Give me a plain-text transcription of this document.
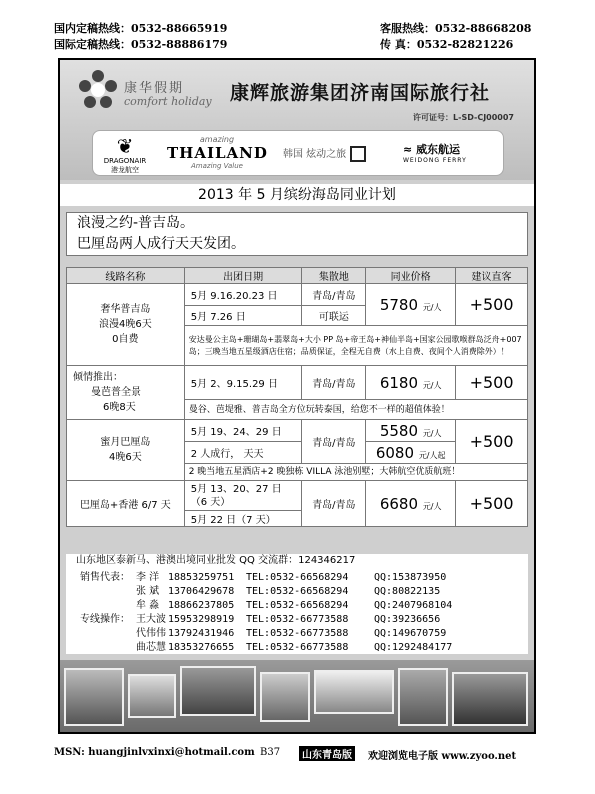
国内定稿热线：0532-88665919
国际定稿热线：0532-88886179
客服热线：0532-88668208
传 真：0532-82821226
康华假期
comfort holiday 康辉旅游集团济南国际旅行社
许可证号：L-SD-CJ00007
❦
DRAGONAIR
港龙航空
amazing
THAILAND
Amazing Value
韩国 炫动之旅	≈ 威东航运
WEIDONG FERRY
2013 年 5 月缤纷海岛同业计划
浪漫之约-普吉岛。
巴厘岛两人成行天天发团。
线路名称	出团日期	集散地	同业价格	建议直客

奢华普吉岛
浪漫4晚6天
0自费	5月 9.16.20.23 日	青岛/青岛	5780 元/人	+500
	5月 7.26 日	可联运		
	安达曼公主岛+珊瑚岛+翡翠岛+大小 PP 岛+帝王岛+神仙半岛+国家公园歌喉群岛泛舟+007 岛；三晚当地五星级酒店住宿；品质保证，全程无自费（水上自费、夜间个人消费除外）！			

倾情推出：
曼芭普全景
6晚8天	5月 2、9.15.29 日	青岛/青岛	6180 元/人	+500
	曼谷、芭堤雅、普吉岛全方位玩转泰国，给您不一样的超值体验！			

蜜月巴厘岛
4晚6天	5月 19、24、29 日	青岛/青岛	5580 元/人	+500
	2 人成行， 天天		6080 元/人起	
	2 晚当地五星酒店+2 晚独栋 VILLA 泳池别墅；大韩航空优质航班！			
巴厘岛+香港 6/7 天	5月 13、20、27 日
（6 天）	青岛/青岛	6680 元/人	+500
	5月 22 日（7 天）			
山东地区泰新马、港澳出境同业批发 QQ 交流群：124346217
销售代表： 李 洋 18853259751 TEL:0532-66568294	QQ:153873950
张 斌 13706429678 TEL:0532-66568294	QQ:80822135
牟 淼 18866237805 TEL:0532-66568294	QQ:2407968104
专线操作： 王大波 15953298919 TEL:0532-66773588	QQ:39236656
代伟伟 13792431946 TEL:0532-66773588	QQ:149670759
曲芯慧 18353276655 TEL:0532-66773588	QQ:1292484177
MSN: huangjinlvxinxi@hotmail.com B37	山东青岛版	欢迎浏览电子版 www.zyoo.net
